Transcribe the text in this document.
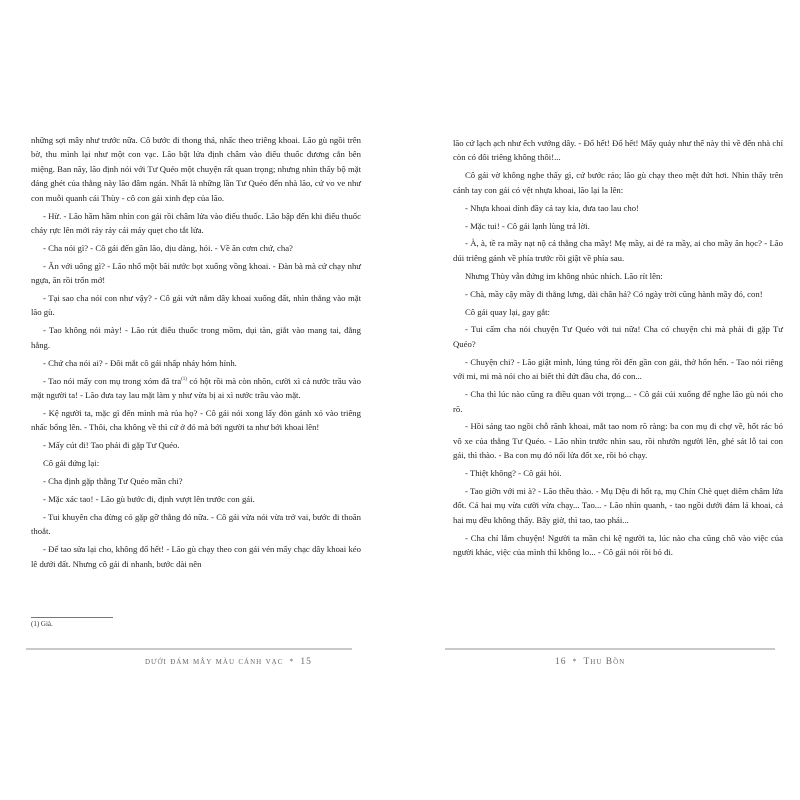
những sợi mây như trước nữa. Cô bước đi thong thả, nhấc theo triêng khoai. Lão gù ngồi trên bờ, thu mình lại như một con vạc. Lão bật lửa định châm vào điếu thuốc đương cắn bên miệng. Ban nãy, lão định nói với Tư Quéo một chuyện rất quan trọng; nhưng nhìn thấy bộ mặt đáng ghét của thằng này lão đâm ngán. Nhất là những lần Tư Quéo đến nhà lão, cứ vo ve như con muỗi quanh cái Thùy - cô con gái xinh đẹp của lão.

- Hừ. - Lão hầm hầm nhìn con gái rồi châm lửa vào điếu thuốc. Lão bập đến khi điếu thuốc cháy rực lên mới rảy rảy cái máy quẹt cho tắt lửa.

- Cha nói gì? - Cô gái đến gần lão, dịu dàng, hỏi. - Về ăn cơm chứ, cha?

- Ăn với uống gì? - Lão nhổ một bãi nước bọt xuống vồng khoai. - Đàn bà mà cứ chạy như ngựa, ăn rồi trốn mớ!

- Tại sao cha nói con như vậy? - Cô gái vứt nắm dây khoai xuống đất, nhìn thẳng vào mặt lão gù.

- Tao không nói mày! - Lão rút điếu thuốc trong mồm, dụi tàn, giắt vào mang tai, đằng hắng.

- Chứ cha nói ai? - Đôi mắt cô gái nhấp nháy hóm hỉnh.

- Tao nói mấy con mụ trong xóm đã tra$^{(1)}$ có hột rồi mà còn nhõn, cười xì cả nước trầu vào mặt người ta! - Lão đưa tay lau mặt làm y như vừa bị ai xì nước trầu vào mặt.

- Kệ người ta, mặc gì đến mình mà rủa họ? - Cô gái nói xong lấy đòn gánh xỏ vào triêng nhấc bổng lên. - Thôi, cha không về thì cứ ở đó mà bới người ta như bới khoai lên!

- Mấy cút đi! Tao phải đi gặp Tư Quéo.

Cô gái đứng lại:

- Cha định gặp thằng Tư Quéo mần chi?

- Mặc xác tao! - Lão gù bước đi, định vượt lên trước con gái.

- Tui khuyên cha đừng có gặp gỡ thằng đó nữa. - Cô gái vừa nói vừa trở vai, bước đi thoăn thoắt.

- Để tao sửa lại cho, không đổ hết! - Lão gù chạy theo con gái vén mấy chạc dây khoai kéo lê dưới đất. Nhưng cô gái đi nhanh, bước dài nên

(1) Già.
dưới đám mây màu cánh vạc * 15

lão cứ lạch ạch như ếch vướng dây. - Đổ hết! Đổ hết! Mấy quảy như thế này thì về đến nhà chỉ còn có đôi triêng không thôi!...

Cô gái vờ không nghe thấy gì, cứ bước rảo; lão gù chạy theo mệt đứt hơi. Nhìn thấy trên cánh tay con gái có vệt nhựa khoai, lão lại la lên:

- Nhựa khoai dính đầy cả tay kia, đưa tao lau cho!

- Mặc tui! - Cô gái lạnh lùng trả lời.

- À, à, tề ra mầy nạt nộ cả thằng cha mầy! Mẹ mầy, ai đẻ ra mầy, ai cho mầy ăn học? - Lão dúi triêng gánh về phía trước rồi giật về phía sau.

Nhưng Thùy vẫn đứng im không nhúc nhích. Lão rít lên:

- Chà, mầy cậy mầy đi thẳng lưng, dài chân hả? Có ngày trời cũng hành mầy đó, con!

Cô gái quay lại, gay gắt:

- Tui cấm cha nói chuyện Tư Quéo với tui nữa! Cha có chuyện chi mà phải đi gặp Tư Quéo?

- Chuyện chi? - Lão giật mình, lúng túng rồi đến gần con gái, thở hổn hển. - Tao nói riêng với mi, mi mà nói cho ai biết thì đứt đầu cha, đó con...

- Cha thì lúc nào cũng ra điều quan với trọng... - Cô gái cúi xuống để nghe lão gù nói cho rõ.

- Hồi sáng tao ngồi chỗ rãnh khoai, mắt tao nom rõ ràng: ba con mụ đi chợ về, hốt rác bỏ vô xe của thằng Tư Quéo. - Lão nhìn trước nhìn sau, rồi nhướn người lên, ghé sát lỗ tai con gái, thì thào. - Ba con mụ đó nổi lửa đốt xe, rồi bỏ chạy.

- Thiệt không? - Cô gái hỏi.

- Tao giỡn với mi à? - Lão thều thào. - Mụ Dệu đi hốt rạ, mụ Chín Chè quẹt diêm châm lửa đốt. Cả hai mụ vừa cười vừa chạy... Tao... - Lão nhìn quanh, - tao ngồi dưới đám lá khoai, cả hai mụ đều không thấy. Bây giờ, thì tao, tao phải...

- Cha chỉ lắm chuyện! Người ta mần chi kệ người ta, lúc nào cha cũng chõ vào việc của người khác, việc của mình thì không lo... - Cô gái nói rồi bỏ đi.

16 * Thu Bồn
